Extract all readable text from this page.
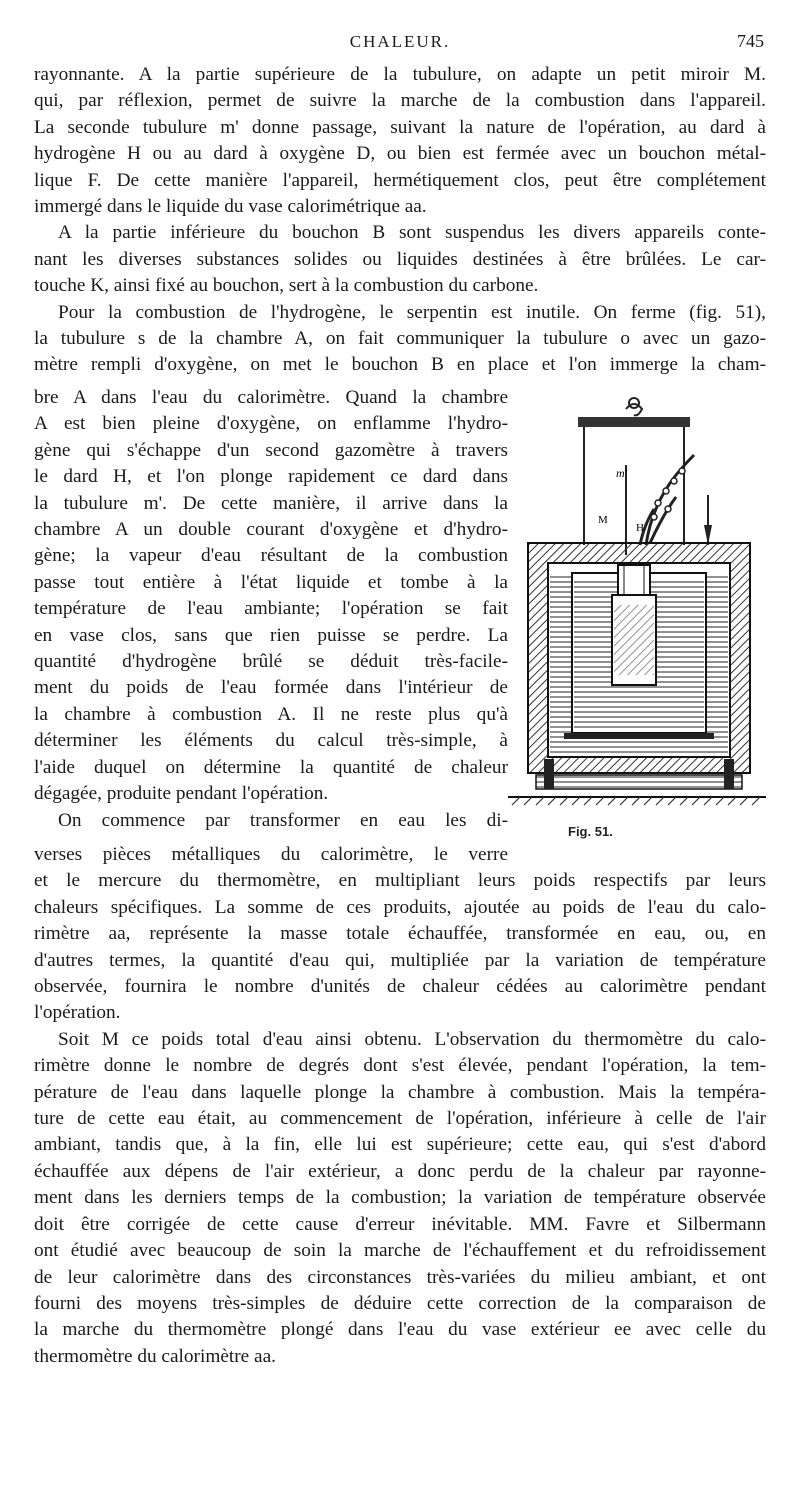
CHALEUR.	745
rayonnante. A la partie supérieure de la tubulure, on adapte un petit miroir M.
qui, par réflexion, permet de suivre la marche de la combustion dans l'appareil.
La seconde tubulure m' donne passage, suivant la nature de l'opération, au dard à
hydrogène H ou au dard à oxygène D, ou bien est fermée avec un bouchon métal-
lique F. De cette manière l'appareil, hermétiquement clos, peut être complétement
immergé dans le liquide du vase calorimétrique aa.
A la partie inférieure du bouchon B sont suspendus les divers appareils conte-
nant les diverses substances solides ou liquides destinées à être brûlées. Le car-
touche K, ainsi fixé au bouchon, sert à la combustion du carbone.
Pour la combustion de l'hydrogène, le serpentin est inutile. On ferme (fig. 51),
la tubulure s de la chambre A, on fait communiquer la tubulure o avec un gazo-
mètre rempli d'oxygène, on met le bouchon B en place et l'on immerge la cham-
bre A dans l'eau du calorimètre. Quand la chambre
A est bien pleine d'oxygène, on enflamme l'hydro-
gène qui s'échappe d'un second gazomètre à travers
le dard H, et l'on plonge rapidement ce dard dans
la tubulure m'. De cette manière, il arrive dans la
chambre A un double courant d'oxygène et d'hydro-
gène; la vapeur d'eau résultant de la combustion
passe tout entière à l'état liquide et tombe à la
température de l'eau ambiante; l'opération se fait
en vase clos, sans que rien puisse se perdre. La
quantité d'hydrogène brûlé se déduit très-facile-
ment du poids de l'eau formée dans l'intérieur de
la chambre à combustion A. Il ne reste plus qu'à
déterminer les éléments du calcul très-simple, à
l'aide duquel on détermine la quantité de chaleur
dégagée, produite pendant l'opération.
On commence par transformer en eau les di-
m'
M
H
Fig. 51.
verses pièces métalliques du calorimètre, le verre
et le mercure du thermomètre, en multipliant leurs poids respectifs par leurs
chaleurs spécifiques. La somme de ces produits, ajoutée au poids de l'eau du calo-
rimètre aa, représente la masse totale échauffée, transformée en eau, ou, en
d'autres termes, la quantité d'eau qui, multipliée par la variation de température
observée, fournira le nombre d'unités de chaleur cédées au calorimètre pendant
l'opération.
Soit M ce poids total d'eau ainsi obtenu. L'observation du thermomètre du calo-
rimètre donne le nombre de degrés dont s'est élevée, pendant l'opération, la tem-
pérature de l'eau dans laquelle plonge la chambre à combustion. Mais la tempéra-
ture de cette eau était, au commencement de l'opération, inférieure à celle de l'air
ambiant, tandis que, à la fin, elle lui est supérieure; cette eau, qui s'est d'abord
échauffée aux dépens de l'air extérieur, a donc perdu de la chaleur par rayonne-
ment dans les derniers temps de la combustion; la variation de température observée
doit être corrigée de cette cause d'erreur inévitable. MM. Favre et Silbermann
ont étudié avec beaucoup de soin la marche de l'échauffement et du refroidissement
de leur calorimètre dans des circonstances très-variées du milieu ambiant, et ont
fourni des moyens très-simples de déduire cette correction de la comparaison de
la marche du thermomètre plongé dans l'eau du vase extérieur ee avec celle du
thermomètre du calorimètre aa.
